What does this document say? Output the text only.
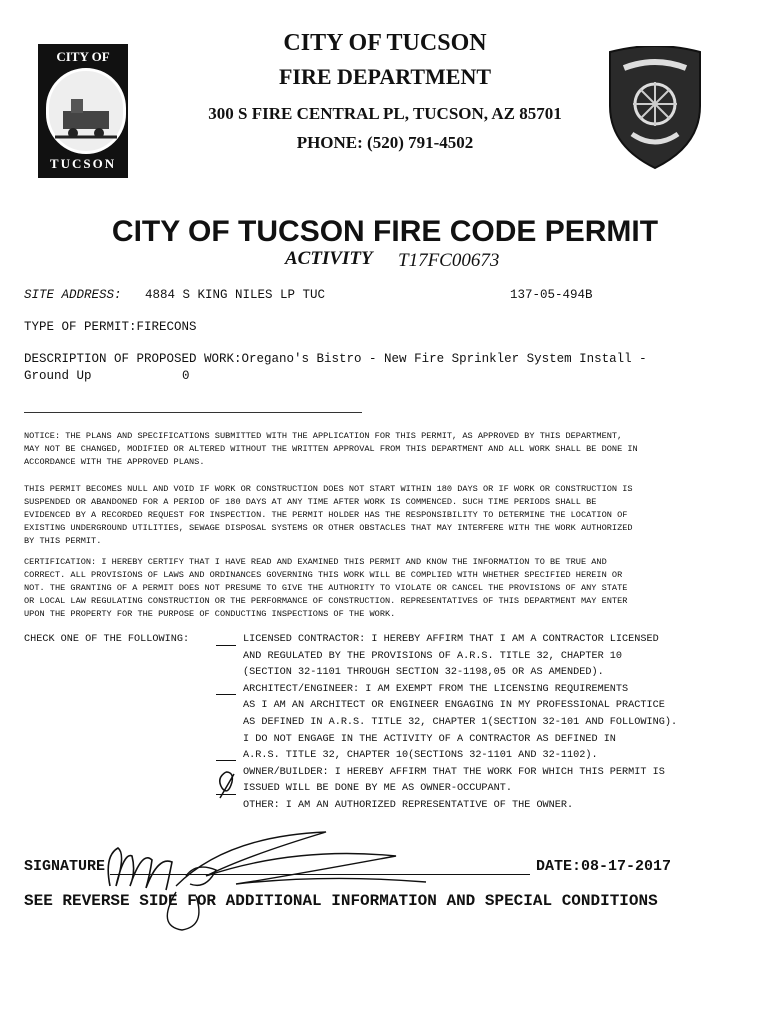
CITY OF TUCSON
FIRE DEPARTMENT
300 S FIRE CENTRAL PL, TUCSON, AZ 85701
PHONE: (520) 791-4502
CITY OF
TUCSON
CITY OF TUCSON FIRE CODE PERMIT
ACTIVITY T17FC00673
SITE ADDRESS: 4884 S KING NILES LP TUC	137-05-494B
TYPE OF PERMIT:FIRECONS
DESCRIPTION OF PROPOSED WORK:Oregano's Bistro - New Fire Sprinkler System Install -
Ground Up	0
NOTICE: THE PLANS AND SPECIFICATIONS SUBMITTED WITH THE APPLICATION FOR THIS PERMIT, AS APPROVED BY THIS DEPARTMENT,
MAY NOT BE CHANGED, MODIFIED OR ALTERED WITHOUT THE WRITTEN APPROVAL FROM THIS DEPARTMENT AND ALL WORK SHALL BE DONE IN
ACCORDANCE WITH THE APPROVED PLANS.
THIS PERMIT BECOMES NULL AND VOID IF WORK OR CONSTRUCTION DOES NOT START WITHIN 180 DAYS OR IF WORK OR CONSTRUCTION IS
SUSPENDED OR ABANDONED FOR A PERIOD OF 180 DAYS AT ANY TIME AFTER WORK IS COMMENCED. SUCH TIME PERIODS SHALL BE
EVIDENCED BY A RECORDED REQUEST FOR INSPECTION. THE PERMIT HOLDER HAS THE RESPONSIBILITY TO DETERMINE THE LOCATION OF
EXISTING UNDERGROUND UTILITIES, SEWAGE DISPOSAL SYSTEMS OR OTHER OBSTACLES THAT MAY INTERFERE WITH THE WORK AUTHORIZED
BY THIS PERMIT.
CERTIFICATION: I HEREBY CERTIFY THAT I HAVE READ AND EXAMINED THIS PERMIT AND KNOW THE INFORMATION TO BE TRUE AND
CORRECT. ALL PROVISIONS OF LAWS AND ORDINANCES GOVERNING THIS WORK WILL BE COMPLIED WITH WHETHER SPECIFIED HEREIN OR
NOT. THE GRANTING OF A PERMIT DOES NOT PRESUME TO GIVE THE AUTHORITY TO VIOLATE OR CANCEL THE PROVISIONS OF ANY STATE
OR LOCAL LAW REGULATING CONSTRUCTION OR THE PERFORMANCE OF CONSTRUCTION. REPRESENTATIVES OF THIS DEPARTMENT MAY ENTER
UPON THE PROPERTY FOR THE PURPOSE OF CONDUCTING INSPECTIONS OF THE WORK.
CHECK ONE OF THE FOLLOWING:	LICENSED CONTRACTOR: I HEREBY AFFIRM THAT I AM A CONTRACTOR LICENSED
AND REGULATED BY THE PROVISIONS OF A.R.S. TITLE 32, CHAPTER 10
(SECTION 32-1101 THROUGH SECTION 32-1198,05 OR AS AMENDED).
ARCHITECT/ENGINEER: I AM EXEMPT FROM THE LICENSING REQUIREMENTS
AS I AM AN ARCHITECT OR ENGINEER ENGAGING IN MY PROFESSIONAL PRACTICE
AS DEFINED IN A.R.S. TITLE 32, CHAPTER 1(SECTION 32-101 AND FOLLOWING).
I DO NOT ENGAGE IN THE ACTIVITY OF A CONTRACTOR AS DEFINED IN
A.R.S. TITLE 32, CHAPTER 10(SECTIONS 32-1101 AND 32-1102).
OWNER/BUILDER: I HEREBY AFFIRM THAT THE WORK FOR WHICH THIS PERMIT IS
ISSUED WILL BE DONE BY ME AS OWNER-OCCUPANT.
OTHER: I AM AN AUTHORIZED REPRESENTATIVE OF THE OWNER.
SIGNATURE	DATE:08-17-2017
SEE REVERSE SIDE FOR ADDITIONAL INFORMATION AND SPECIAL CONDITIONS
